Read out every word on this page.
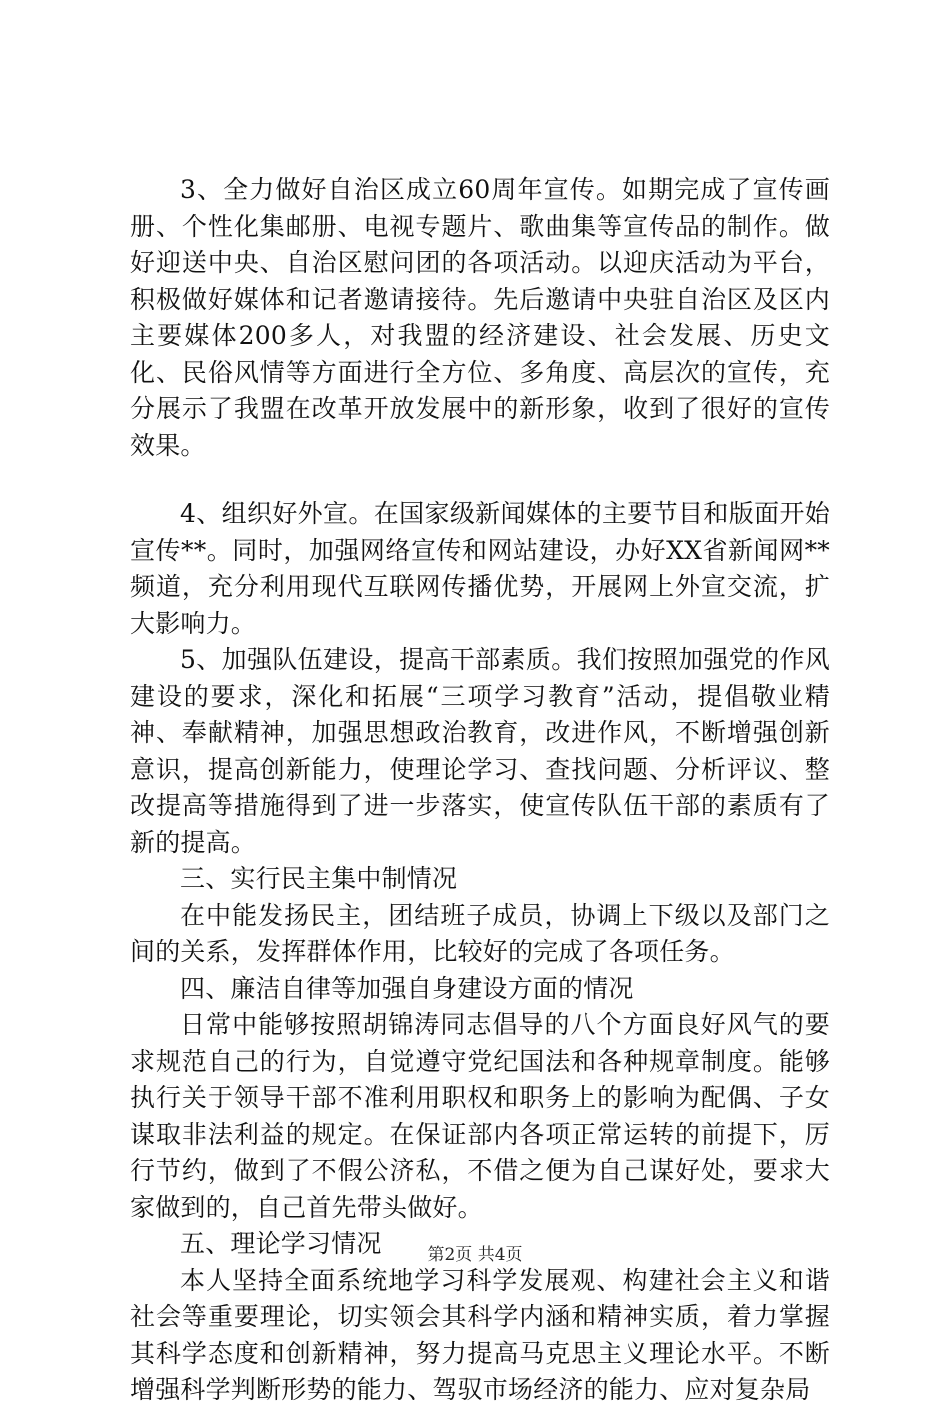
3、全力做好自治区成立60周年宣传。如期完成了宣传画册、个性化集邮册、电视专题片、歌曲集等宣传品的制作。做好迎送中央、自治区慰问团的各项活动。以迎庆活动为平台，积极做好媒体和记者邀请接待。先后邀请中央驻自治区及区内主要媒体200多人，对我盟的经济建设、社会发展、历史文化、民俗风情等方面进行全方位、多角度、高层次的宣传，充分展示了我盟在改革开放发展中的新形象，收到了很好的宣传效果。

4、组织好外宣。在国家级新闻媒体的主要节目和版面开始宣传**。同时，加强网络宣传和网站建设，办好XX省新闻网**频道，充分利用现代互联网传播优势，开展网上外宣交流，扩大影响力。

5、加强队伍建设，提高干部素质。我们按照加强党的作风建设的要求，深化和拓展“三项学习教育”活动，提倡敬业精神、奉献精神，加强思想政治教育，改进作风，不断增强创新意识，提高创新能力，使理论学习、查找问题、分析评议、整改提高等措施得到了进一步落实，使宣传队伍干部的素质有了新的提高。

三、实行民主集中制情况

在中能发扬民主，团结班子成员，协调上下级以及部门之间的关系，发挥群体作用，比较好的完成了各项任务。

四、廉洁自律等加强自身建设方面的情况

日常中能够按照胡锦涛同志倡导的八个方面良好风气的要求规范自己的行为，自觉遵守党纪国法和各种规章制度。能够执行关于领导干部不准利用职权和职务上的影响为配偶、子女谋取非法利益的规定。在保证部内各项正常运转的前提下，厉行节约，做到了不假公济私，不借之便为自己谋好处，要求大家做到的，自己首先带头做好。

五、理论学习情况

本人坚持全面系统地学习科学发展观、构建社会主义和谐社会等重要理论，切实领会其科学内涵和精神实质，着力掌握其科学态度和创新精神，努力提高马克思主义理论水平。不断增强科学判断形势的能力、驾驭市场经济的能力、应对复杂局

第2页 共4页
